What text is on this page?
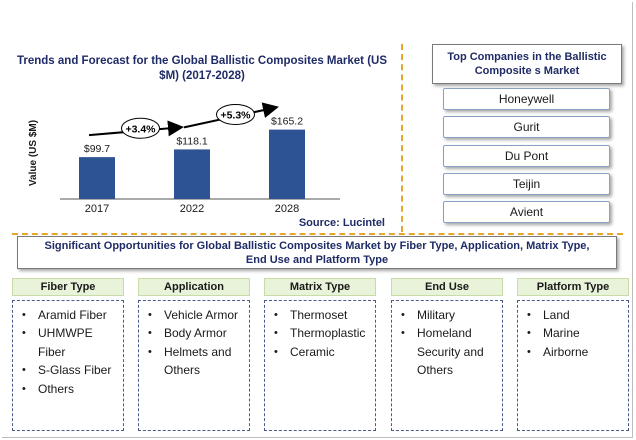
Trends and Forecast for the Global Ballistic Composites Market (US $M) (2017-2028)
Value (US $M)	$99.7
2017
$118.1
2022
$165.2
2028
+3.4%
+5.3%
Source: Lucintel
Top Companies in the Ballistic Composite s Market
Honeywell
Gurit
Du Pont
Teijin
Avient
Significant Opportunities for Global Ballistic Composites Market by Fiber Type, Application, Matrix Type, End Use and Platform Type
Fiber Type
• Aramid Fiber
• UHMWPE Fiber
• S-Glass Fiber
• Others
Application
• Vehicle Armor
• Body Armor
• Helmets and Others
Matrix Type
• Thermoset
• Thermoplastic
• Ceramic
End Use
• Military
• Homeland Security and Others
Platform Type
• Land
• Marine
• Airborne
